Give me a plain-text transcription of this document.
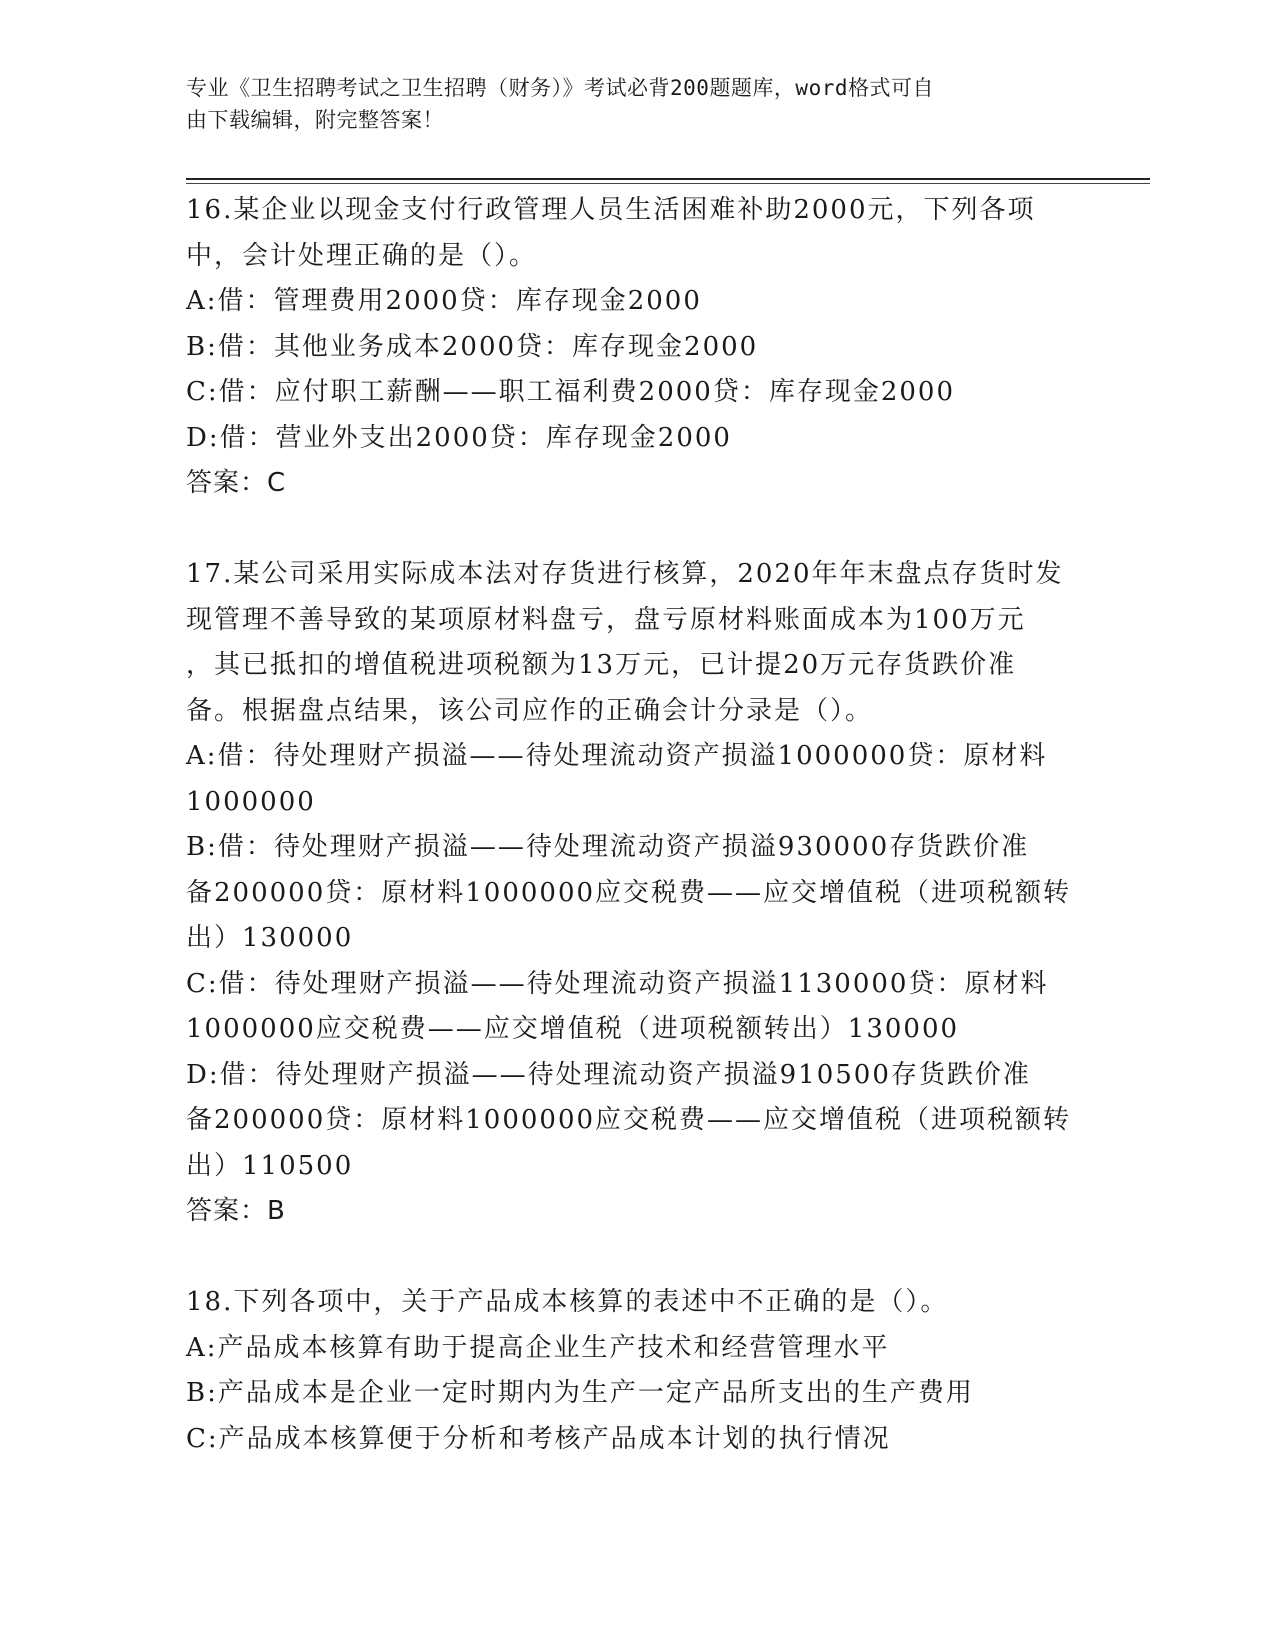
专业《卫生招聘考试之卫生招聘（财务）》考试必背200题题库，word格式可自
由下载编辑，附完整答案！
16.某企业以现金支付行政管理人员生活困难补助2000元，下列各项
中，会计处理正确的是（）。
A:借：管理费用2000贷：库存现金2000
B:借：其他业务成本2000贷：库存现金2000
C:借：应付职工薪酬——职工福利费2000贷：库存现金2000
D:借：营业外支出2000贷：库存现金2000
答案：C
17.某公司采用实际成本法对存货进行核算，2020年年末盘点存货时发
现管理不善导致的某项原材料盘亏，盘亏原材料账面成本为100万元
，其已抵扣的增值税进项税额为13万元，已计提20万元存货跌价准
备。根据盘点结果，该公司应作的正确会计分录是（）。
A:借：待处理财产损溢——待处理流动资产损溢1000000贷：原材料
1000000
B:借：待处理财产损溢——待处理流动资产损溢930000存货跌价准
备200000贷：原材料1000000应交税费——应交增值税（进项税额转
出）130000
C:借：待处理财产损溢——待处理流动资产损溢1130000贷：原材料
1000000应交税费——应交增值税（进项税额转出）130000
D:借：待处理财产损溢——待处理流动资产损溢910500存货跌价准
备200000贷：原材料1000000应交税费——应交增值税（进项税额转
出）110500
答案：B
18.下列各项中，关于产品成本核算的表述中不正确的是（）。
A:产品成本核算有助于提高企业生产技术和经营管理水平
B:产品成本是企业一定时期内为生产一定产品所支出的生产费用
C:产品成本核算便于分析和考核产品成本计划的执行情况
